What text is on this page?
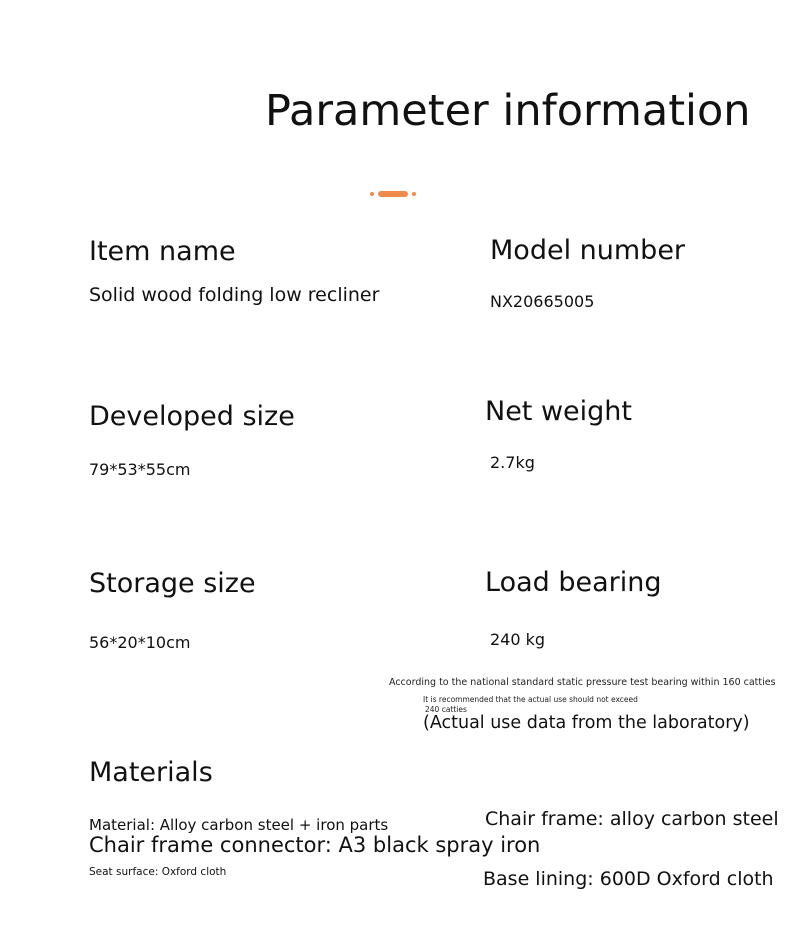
Parameter information
Item name
Solid wood folding low recliner
Model number
NX20665005
Developed size
79*53*55cm
Net weight
2.7kg
Storage size
56*20*10cm
Load bearing
240 kg
According to the national standard static pressure test bearing within 160 catties
It is recommended that the actual use should not exceed
240 catties
(Actual use data from the laboratory)
Materials
Material: Alloy carbon steel + iron parts
Chair frame connector: A3 black spray iron
Seat surface: Oxford cloth
Chair frame: alloy carbon steel
Base lining: 600D Oxford cloth
